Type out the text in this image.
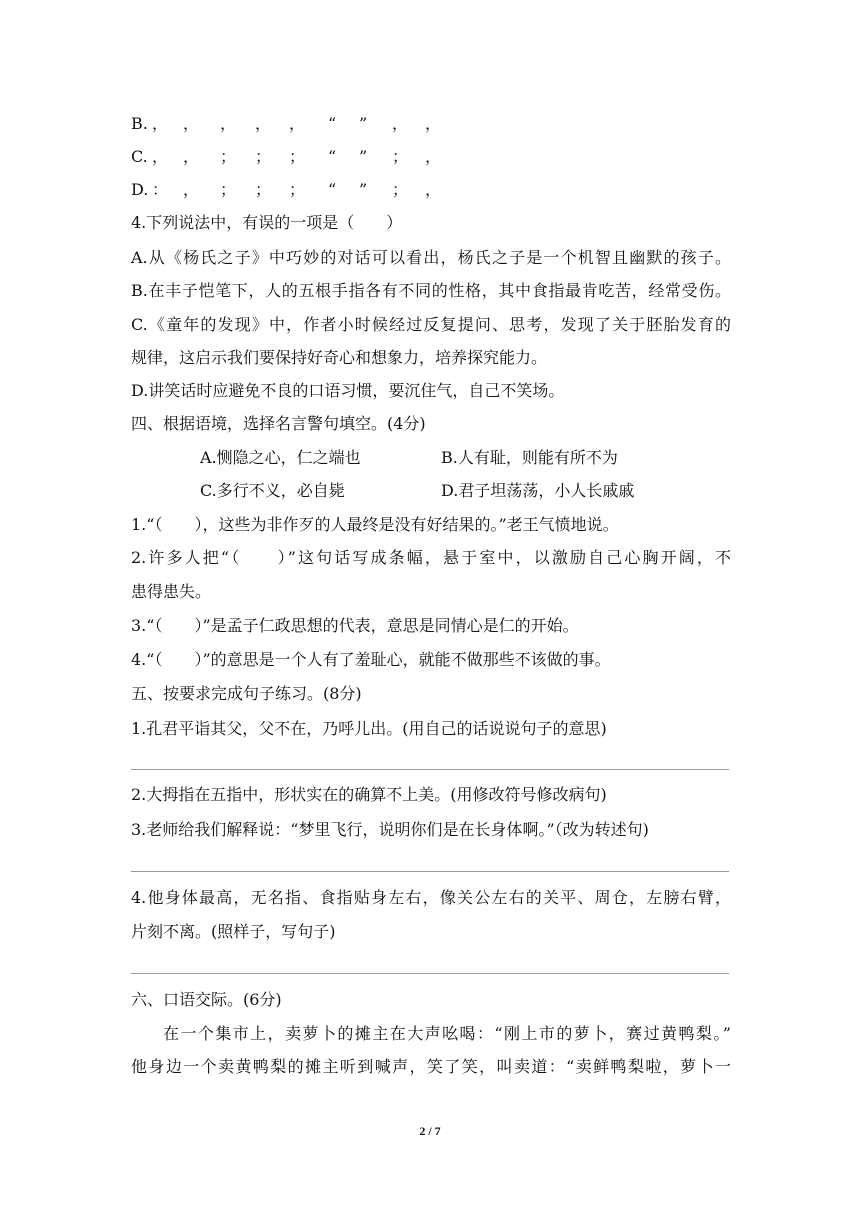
B. ， ， ， ， ， “ ” ， ，
C. ， ， ； ； ； “ ” ； ，
D. ： ， ； ； ； “ ” ； ，
4.下列说法中，有误的一项是（　　）
A.从《杨氏之子》中巧妙的对话可以看出，杨氏之子是一个机智且幽默的孩子。
B.在丰子恺笔下，人的五根手指各有不同的性格，其中食指最肯吃苦，经常受伤。
C.《童年的发现》中，作者小时候经过反复提问、思考，发现了关于胚胎发育的
规律，这启示我们要保持好奇心和想象力，培养探究能力。
D.讲笑话时应避免不良的口语习惯，要沉住气，自己不笑场。
四、根据语境，选择名言警句填空。(4分)
A.恻隐之心，仁之端也	B.人有耻，则能有所不为
C.多行不义，必自毙	D.君子坦荡荡，小人长戚戚
1.“（　　），这些为非作歹的人最终是没有好结果的。”老王气愤地说。
2.许多人把“（　　）”这句话写成条幅，悬于室中，以激励自己心胸开阔，不
患得患失。
3.“（　　）”是孟子仁政思想的代表，意思是同情心是仁的开始。
4.“（　　）”的意思是一个人有了羞耻心，就能不做那些不该做的事。
五、按要求完成句子练习。(8分)
1.孔君平诣其父，父不在，乃呼儿出。(用自己的话说说句子的意思)
2.大拇指在五指中，形状实在的确算不上美。(用修改符号修改病句)
3.老师给我们解释说：“梦里飞行，说明你们是在长身体啊。”（改为转述句)
4.他身体最高，无名指、食指贴身左右，像关公左右的关平、周仓，左膀右臂，
片刻不离。(照样子，写句子)
六、口语交际。(6分)
在一个集市上，卖萝卜的摊主在大声吆喝：“刚上市的萝卜，赛过黄鸭梨。”
他身边一个卖黄鸭梨的摊主听到喊声，笑了笑，叫卖道：“卖鲜鸭梨啦，萝卜一
2 / 7
